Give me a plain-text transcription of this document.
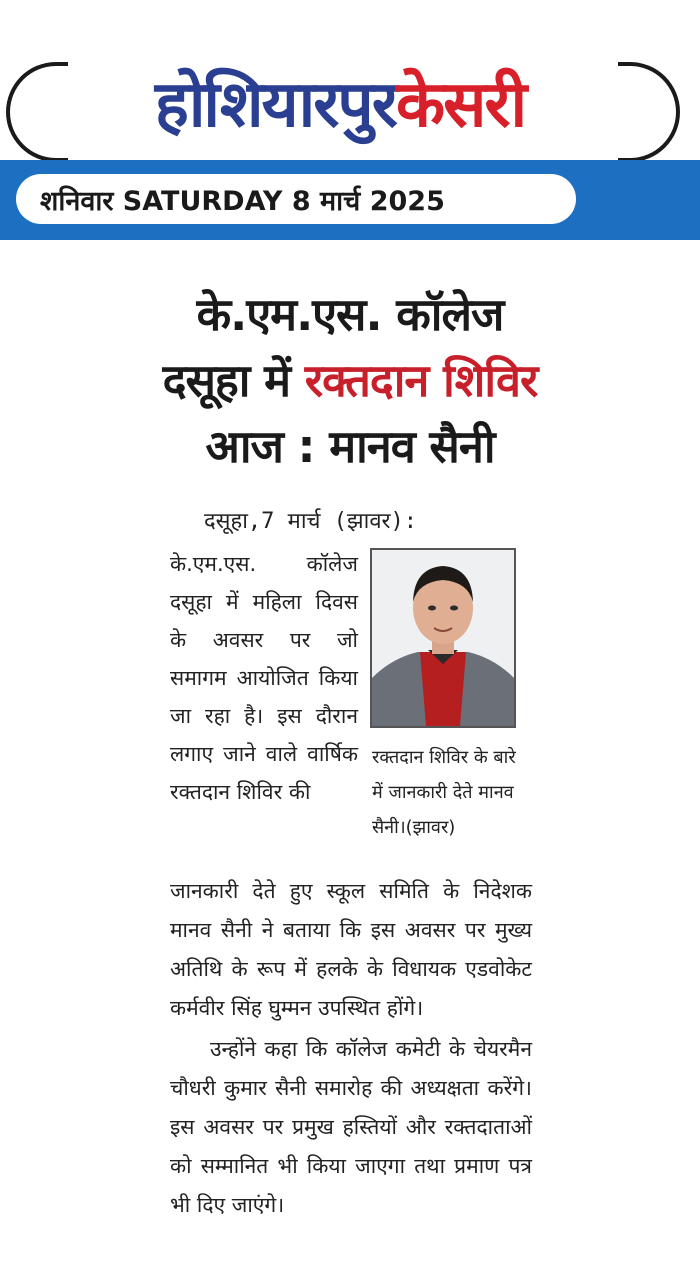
होशियारपुर केसरी
शनिवार SATURDAY 8 मार्च 2025
के.एम.एस. कॉलेज
दसूहा में रक्तदान शिविर
आज : मानव सैनी
दसूहा,7 मार्च (झावर):

के.एम.एस. कॉलेज दसूहा में महिला दिवस के अवसर पर जो समागम आयोजित किया जा रहा है। इस दौरान लगाए जाने वाले वार्षिक रक्तदान शिविर की

रक्तदान शिविर के बारे में जानकारी देते मानव सैनी।(झावर)

जानकारी देते हुए स्कूल समिति के निदेशक मानव सैनी ने बताया कि इस अवसर पर मुख्य अतिथि के रूप में हलके के विधायक एडवोकेट कर्मवीर सिंह घुम्मन उपस्थित होंगे।

उन्होंने कहा कि कॉलेज कमेटी के चेयरमैन चौधरी कुमार सैनी समारोह की अध्यक्षता करेंगे। इस अवसर पर प्रमुख हस्तियों और रक्तदाताओं को सम्मानित भी किया जाएगा तथा प्रमाण पत्र भी दिए जाएंगे।
